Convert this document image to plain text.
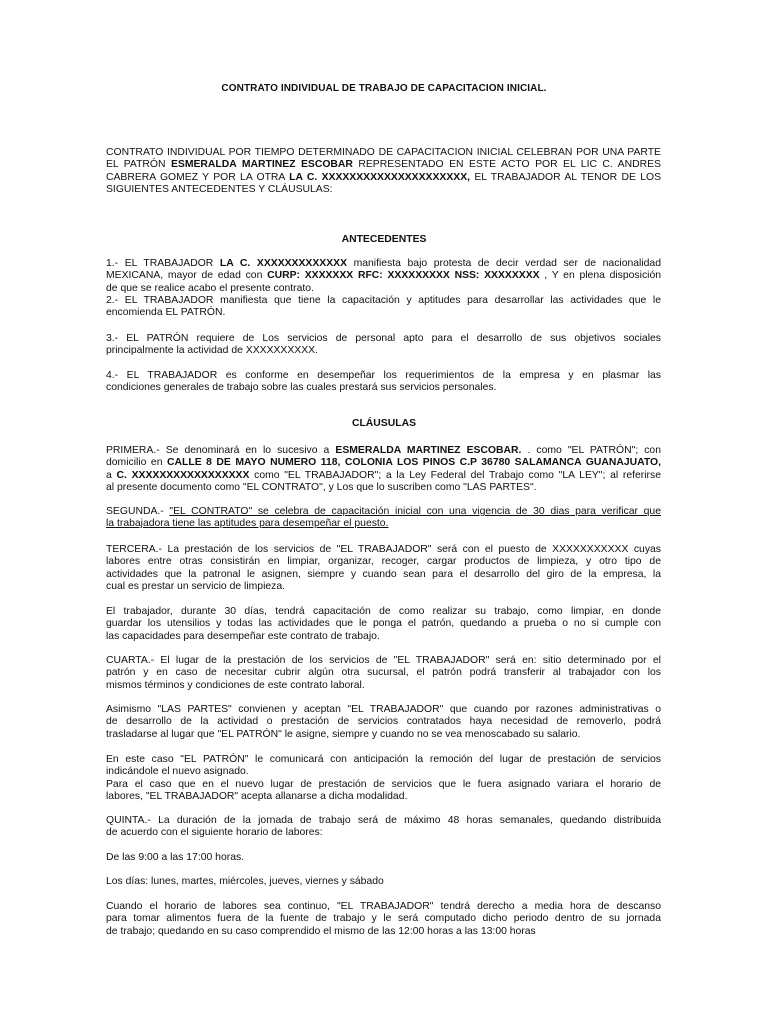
CONTRATO INDIVIDUAL DE TRABAJO DE CAPACITACION INICIAL.
CONTRATO INDIVIDUAL POR TIEMPO DETERMINADO DE CAPACITACION INICIAL CELEBRAN POR UNA PARTE
EL PATRÓN ESMERALDA MARTINEZ ESCOBAR REPRESENTADO EN ESTE ACTO POR EL LIC C. ANDRES
CABRERA GOMEZ Y POR LA OTRA LA C. XXXXXXXXXXXXXXXXXXXXX, EL TRABAJADOR AL TENOR DE LOS
SIGUIENTES ANTECEDENTES Y CLÁUSULAS:
ANTECEDENTES
1.- EL TRABAJADOR LA C. XXXXXXXXXXXXX manifiesta bajo protesta de decir verdad ser de nacionalidad
MEXICANA, mayor de edad con CURP: XXXXXXX RFC: XXXXXXXXX NSS: XXXXXXXX , Y en plena disposición
de que se realice acabo el presente contrato.
2.- EL TRABAJADOR manifiesta que tiene la capacitación y aptitudes para desarrollar las actividades que le
encomienda EL PATRÓN.
3.- EL PATRÓN requiere de Los servicios de personal apto para el desarrollo de sus objetivos sociales
principalmente la actividad de XXXXXXXXXX.
4.- EL TRABAJADOR es conforme en desempeñar los requerimientos de la empresa y en plasmar las
condiciones generales de trabajo sobre las cuales prestará sus servicios personales.
CLÁUSULAS
PRIMERA.- Se denominará en lo sucesivo a ESMERALDA MARTINEZ ESCOBAR. . como "EL PATRÓN"; con
domicilio en CALLE 8 DE MAYO NUMERO 118, COLONIA LOS PINOS C.P 36780 SALAMANCA GUANAJUATO,
a C. XXXXXXXXXXXXXXXXX como "EL TRABAJADOR"; a la Ley Federal del Trabajo como "LA LEY"; al referirse
al presente documento como "EL CONTRATO", y Los que lo suscriben como "LAS PARTES".
SEGUNDA.- "EL CONTRATO" se celebra de capacitación inicial con una vigencia de 30 dias para verificar que
la trabajadora tiene las aptitudes para desempeñar el puesto.
TERCERA.- La prestación de los servicios de "EL TRABAJADOR" será con el puesto de XXXXXXXXXXX cuyas
labores entre otras consistirán en limpiar, organizar, recoger, cargar productos de limpieza, y otro tipo de
actividades que la patronal le asignen, siempre y cuando sean para el desarrollo del giro de la empresa, la
cual es prestar un servicio de limpieza.
El trabajador, durante 30 días, tendrá capacitación de como realizar su trabajo, como limpiar, en donde
guardar los utensilios y todas las actividades que le ponga el patrón, quedando a prueba o no si cumple con
las capacidades para desempeñar este contrato de trabajo.
CUARTA.- El lugar de la prestación de los servicios de "EL TRABAJADOR" será en: sitio determinado por el
patrón y en caso de necesitar cubrir algún otra sucursal, el patrón podrá transferir al trabajador con los
mismos términos y condiciones de este contrato laboral.
Asimismo "LAS PARTES" convienen y aceptan "EL TRABAJADOR" que cuando por razones administrativas o
de desarrollo de la actividad o prestación de servicios contratados haya necesidad de removerlo, podrá
trasladarse al lugar que "EL PATRÓN" le asigne, siempre y cuando no se vea menoscabado su salario.
En este caso "EL PATRÓN" le comunicará con anticipación la remoción del lugar de prestación de servicios
indicándole el nuevo asignado.
Para el caso que en el nuevo lugar de prestación de servicios que le fuera asignado variara el horario de
labores, "EL TRABAJADOR" acepta allanarse a dicha modalidad.
QUINTA.- La duración de la jornada de trabajo será de máximo 48 horas semanales, quedando distribuida
de acuerdo con el siguiente horario de labores:
De las 9:00 a las 17:00 horas.
Los días: lunes, martes, miércoles, jueves, viernes y sábado
Cuando el horario de labores sea continuo, "EL TRABAJADOR" tendrá derecho a media hora de descanso
para tomar alimentos fuera de la fuente de trabajo y le será computado dicho periodo dentro de su jornada
de trabajo; quedando en su caso comprendido el mismo de las 12:00 horas a las 13:00 horas
